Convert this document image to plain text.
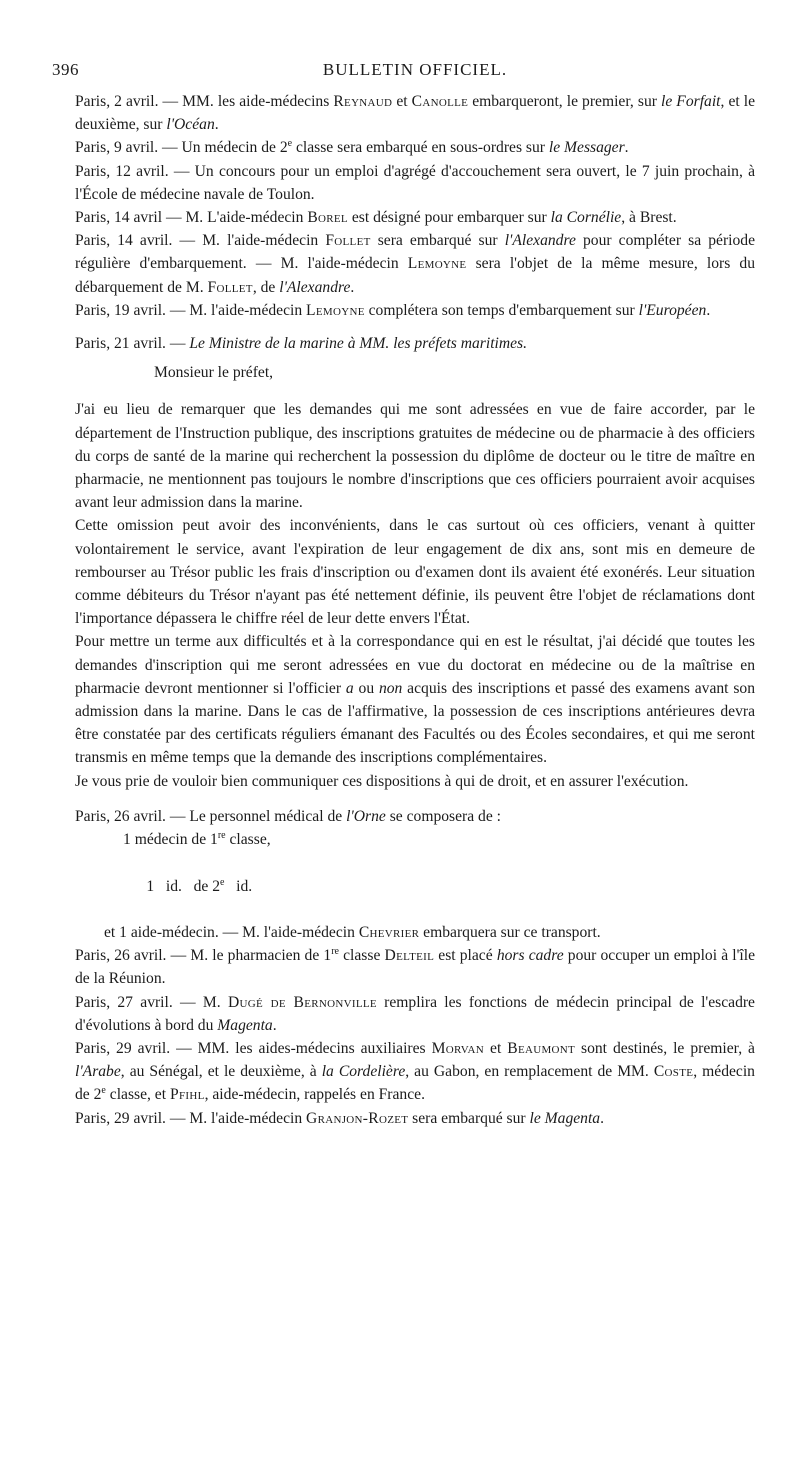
396	BULLETIN OFFICIEL.

Paris, 2 avril. — MM. les aide-médecins Reynaud et Canolle embarqueront, le premier, sur le Forfait, et le deuxième, sur l'Océan.

Paris, 9 avril. — Un médecin de 2e classe sera embarqué en sous-ordres sur le Messager.

Paris, 12 avril. — Un concours pour un emploi d'agrégé d'accouchement sera ouvert, le 7 juin prochain, à l'École de médecine navale de Toulon.

Paris, 14 avril — M. L'aide-médecin Borel est désigné pour embarquer sur la Cornélie, à Brest.

Paris, 14 avril. — M. l'aide-médecin Follet sera embarqué sur l'Alexandre pour compléter sa période régulière d'embarquement. — M. l'aide-médecin Lemoyne sera l'objet de la même mesure, lors du débarquement de M. Follet, de l'Alexandre.

Paris, 19 avril. — M. l'aide-médecin Lemoyne complétera son temps d'embarquement sur l'Européen.

Paris, 21 avril. — Le Ministre de la marine à MM. les préfets maritimes.

Monsieur le préfet,

J'ai eu lieu de remarquer que les demandes qui me sont adressées en vue de faire accorder, par le département de l'Instruction publique, des inscriptions gratuites de médecine ou de pharmacie à des officiers du corps de santé de la marine qui recherchent la possession du diplôme de docteur ou le titre de maître en pharmacie, ne mentionnent pas toujours le nombre d'inscriptions que ces officiers pourraient avoir acquises avant leur admission dans la marine.

Cette omission peut avoir des inconvénients, dans le cas surtout où ces officiers, venant à quitter volontairement le service, avant l'expiration de leur engagement de dix ans, sont mis en demeure de rembourser au Trésor public les frais d'inscription ou d'examen dont ils avaient été exonérés. Leur situation comme débiteurs du Trésor n'ayant pas été nettement définie, ils peuvent être l'objet de réclamations dont l'importance dépassera le chiffre réel de leur dette envers l'État.

Pour mettre un terme aux difficultés et à la correspondance qui en est le résultat, j'ai décidé que toutes les demandes d'inscription qui me seront adressées en vue du doctorat en médecine ou de la maîtrise en pharmacie devront mentionner si l'officier a ou non acquis des inscriptions et passé des examens avant son admission dans la marine. Dans le cas de l'affirmative, la possession de ces inscriptions antérieures devra être constatée par des certificats réguliers émanant des Facultés ou des Écoles secondaires, et qui me seront transmis en même temps que la demande des inscriptions complémentaires.

Je vous prie de vouloir bien communiquer ces dispositions à qui de droit, et en assurer l'exécution.

Paris, 26 avril. — Le personnel médical de l'Orne se composera de :

1 médecin de 1re classe,

1   id.   de 2e   id.

et 1 aide-médecin. — M. l'aide-médecin Chevrier embarquera sur ce transport.

Paris, 26 avril. — M. le pharmacien de 1re classe Delteil est placé hors cadre pour occuper un emploi à l'île de la Réunion.

Paris, 27 avril. — M. Dugé de Bernonville remplira les fonctions de médecin principal de l'escadre d'évolutions à bord du Magenta.

Paris, 29 avril. — MM. les aides-médecins auxiliaires Morvan et Beaumont sont destinés, le premier, à l'Arabe, au Sénégal, et le deuxième, à la Cordelière, au Gabon, en remplacement de MM. Coste, médecin de 2e classe, et Pfihl, aide-médecin, rappelés en France.

Paris, 29 avril. — M. l'aide-médecin Granjon-Rozet sera embarqué sur le Magenta.
